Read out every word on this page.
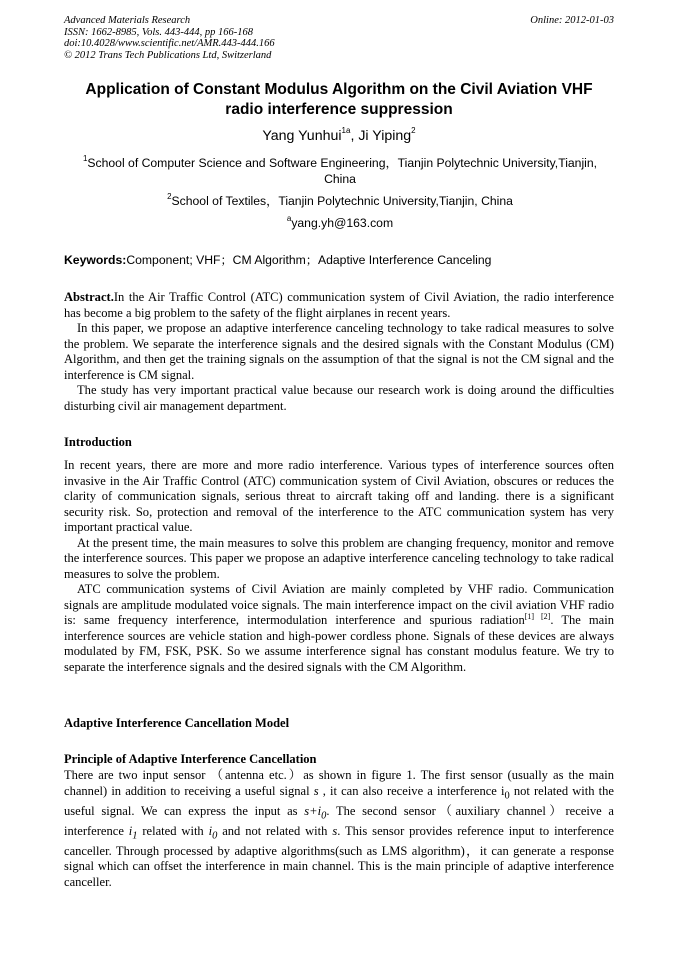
Advanced Materials Research
ISSN: 1662-8985, Vols. 443-444, pp 166-168
doi:10.4028/www.scientific.net/AMR.443-444.166
© 2012 Trans Tech Publications Ltd, Switzerland
Online: 2012-01-03
Application of Constant Modulus Algorithm on the Civil Aviation VHF
radio interference suppression
Yang Yunhui$^{1a}$, Ji Yiping$^2$
$^1$School of Computer Science and Software Engineering，Tianjin Polytechnic University,Tianjin,
China
$^2$School of Textiles，Tianjin Polytechnic University,Tianjin, China
$^a$yang.yh@163.com
Keywords:Component; VHF；CM Algorithm；Adaptive Interference Canceling

Abstract.In the Air Traffic Control (ATC) communication system of Civil Aviation, the radio interference has become a big problem to the safety of the flight airplanes in recent years.

In this paper, we propose an adaptive interference canceling technology to take radical measures to solve the problem. We separate the interference signals and the desired signals with the Constant Modulus (CM) Algorithm, and then get the training signals on the assumption of that the signal is not the CM signal and the interference is CM signal.

The study has very important practical value because our research work is doing around the difficulties disturbing civil air management department.

Introduction

In recent years, there are more and more radio interference. Various types of interference sources often invasive in the Air Traffic Control (ATC) communication system of Civil Aviation, obscures or reduces the clarity of communication signals, serious threat to aircraft taking off and landing. there is a significant security risk. So, protection and removal of the interference to the ATC communication system has very important practical value.

At the present time, the main measures to solve this problem are changing frequency, monitor and remove the interference sources. This paper we propose an adaptive interference canceling technology to take radical measures to solve the problem.

ATC communication systems of Civil Aviation are mainly completed by VHF radio. Communication signals are amplitude modulated voice signals. The main interference impact on the civil aviation VHF radio is: same frequency interference, intermodulation interference and spurious radiation[1] [2]. The main interference sources are vehicle station and high-power cordless phone. Signals of these devices are always modulated by FM, FSK, PSK. So we assume interference signal has constant modulus feature. We try to separate the interference signals and the desired signals with the CM Algorithm.

Adaptive Interference Cancellation Model
Principle of Adaptive Interference Cancellation

There are two input sensor （antenna etc.）as shown in figure 1. The first sensor (usually as the main channel) in addition to receiving a useful signal s , it can also receive a interference $i_0$ not related with the useful signal. We can express the input as $s+i_0$. The second sensor（auxiliary channel）receive a interference $i_1$ related with $i_0$ and not related with s. This sensor provides reference input to interference canceller. Through processed by adaptive algorithms(such as LMS algorithm)，it can generate a response signal which can offset the interference in main channel. This is the main principle of adaptive interference canceller.
